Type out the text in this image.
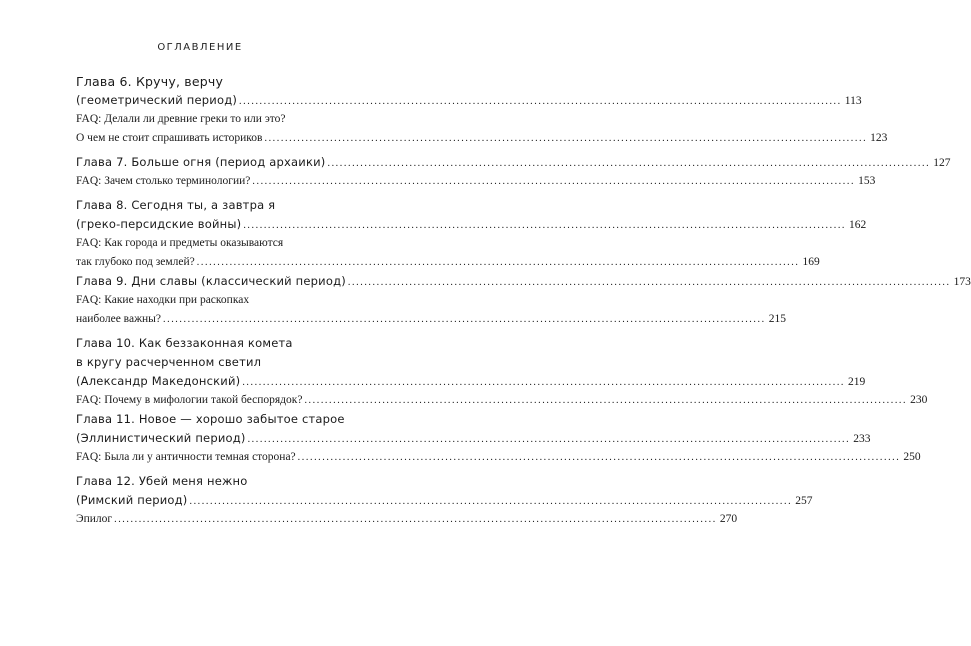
ОГЛАВЛЕНИЕ
Глава 6. Кручу, верчу
(геометрический период) .....	113
FAQ: Делали ли древние греки то или это?
О чем не стоит спрашивать историков .....	123
Глава 7. Больше огня (период архаики) .....	127
FAQ: Зачем столько терминологии? .....	153
Глава 8. Сегодня ты, а завтра я
(греко-персидские войны) .....	162
FAQ: Как города и предметы оказываются
так глубоко под землей? .....	169
Глава 9. Дни славы (классический период) .....	173
FAQ: Какие находки при раскопках
наиболее важны? .....	215
Глава 10. Как беззаконная комета
в кругу расчерченном светил
(Александр Македонский) .....	219
FAQ: Почему в мифологии такой беспорядок? .....	230
Глава 11. Новое — хорошо забытое старое
(Эллинистический период) .....	233
FAQ: Была ли у античности темная сторона? .....	250
Глава 12. Убей меня нежно
(Римский период) .....	257
Эпилог .....	270
